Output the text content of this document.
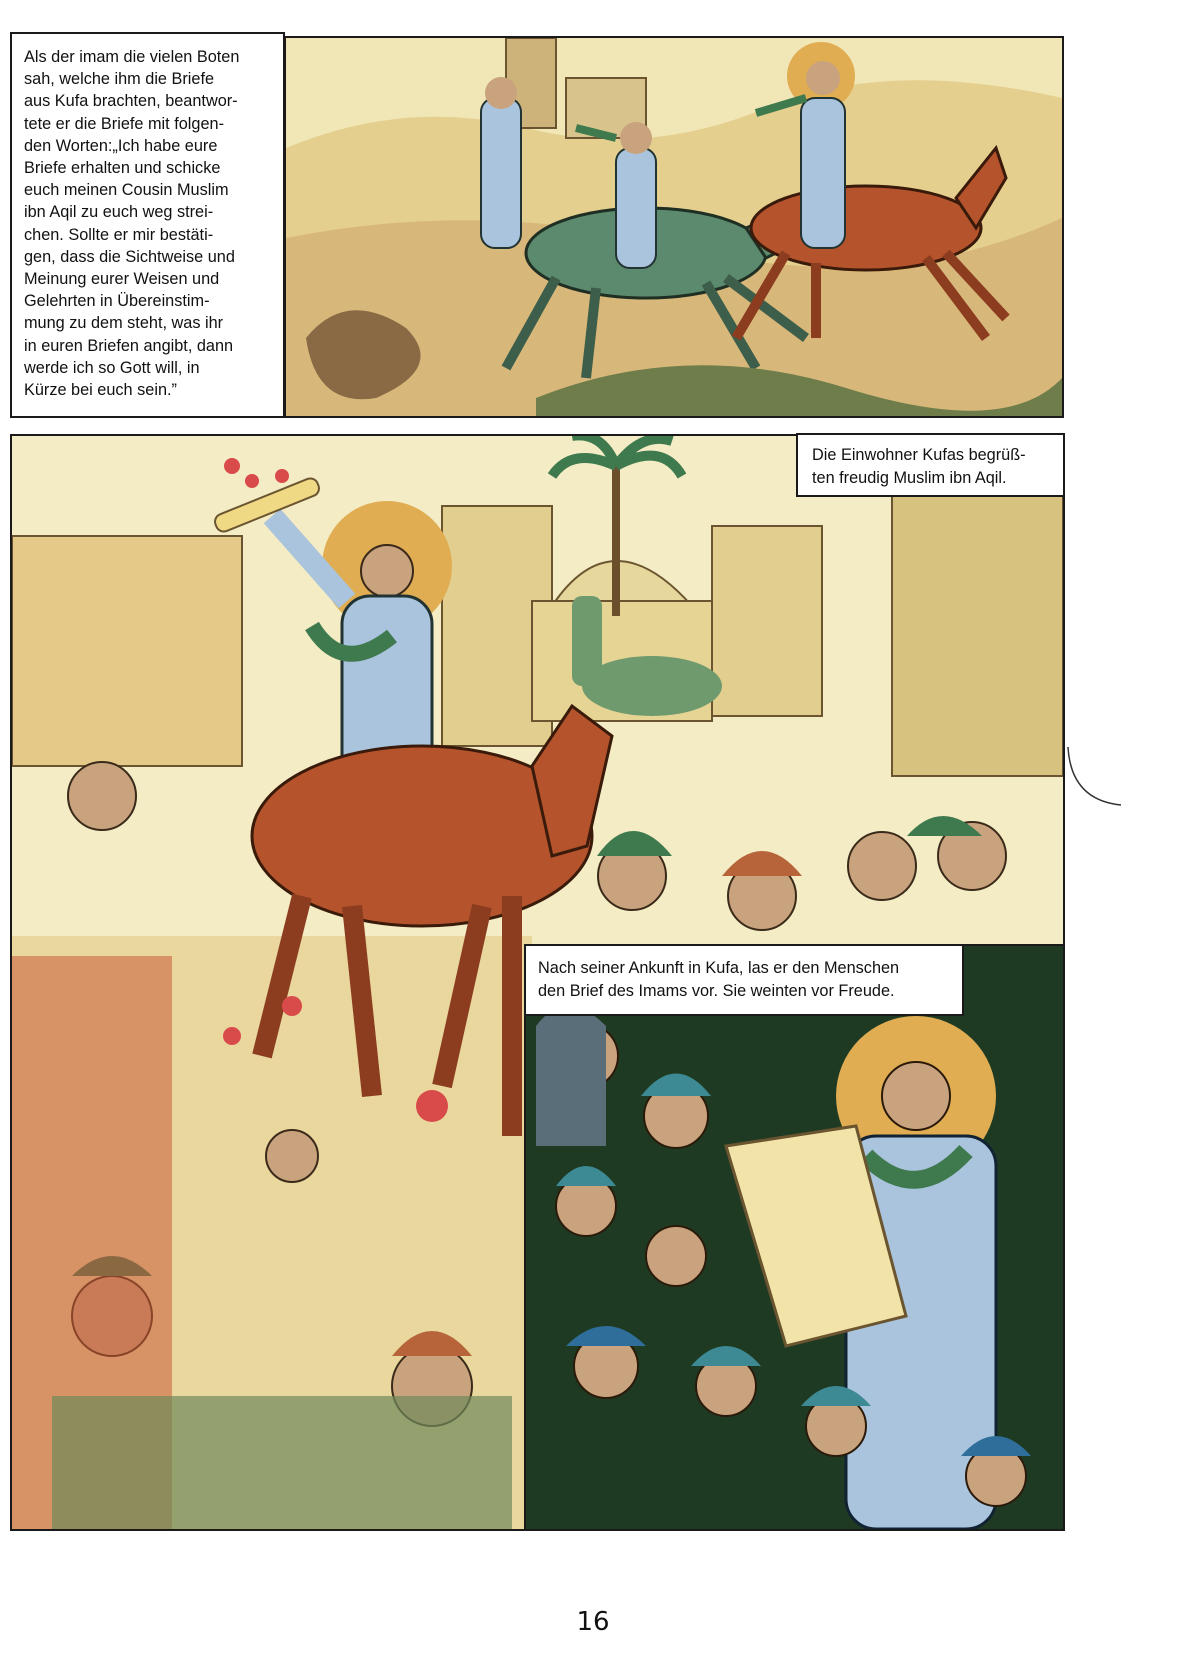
Als der imam die vielen Boten
sah, welche ihm die Briefe
aus Kufa brachten, beantwor-
tete er die Briefe mit folgen-
den Worten:„Ich habe eure
Briefe erhalten und schicke
euch meinen Cousin Muslim
ibn Aqil zu euch weg strei-
chen. Sollte er mir bestäti-
gen, dass die Sichtweise und
Meinung eurer Weisen und
Gelehrten in Übereinstim-
mung zu dem steht, was ihr
in euren Briefen angibt, dann
werde ich so Gott will, in
Kürze bei euch sein.”
Die Einwohner Kufas begrüß-
ten freudig Muslim ibn Aqil.
Nach seiner Ankunft in Kufa, las er den Menschen
den Brief des Imams vor. Sie weinten vor Freude.
16
